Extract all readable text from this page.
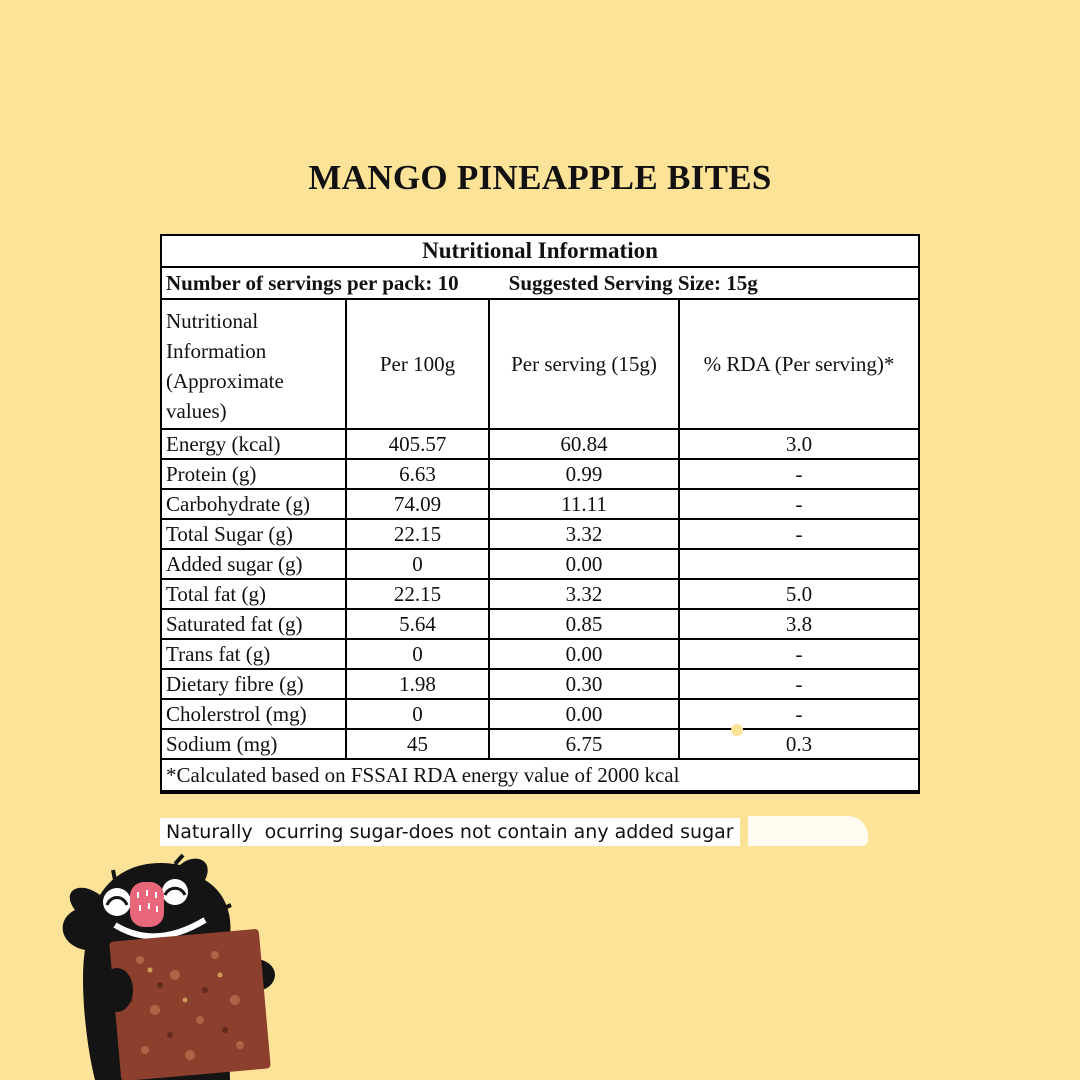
MANGO PINEAPPLE BITES
Nutritional Information			
Number of servings per pack: 10 Suggested Serving Size: 15g			

Nutritional
Information
(Approximate
values)	Per 100g	Per serving (15g)	% RDA (Per serving)*
Energy (kcal)	405.57	60.84	3.0
Protein (g)	6.63	0.99	-
Carbohydrate (g)	74.09	11.11	-
Total Sugar (g)	22.15	3.32	-
Added sugar (g)	0	0.00	
Total fat (g)	22.15	3.32	5.0
Saturated fat (g)	5.64	0.85	3.8
Trans fat (g)	0	0.00	-
Dietary fibre (g)	1.98	0.30	-
Cholerstrol (mg)	0	0.00	-
Sodium (mg)	45	6.75	0.3
*Calculated based on FSSAI RDA energy value of 2000 kcal			
Naturally  ocurring sugar-does not contain any added sugar
